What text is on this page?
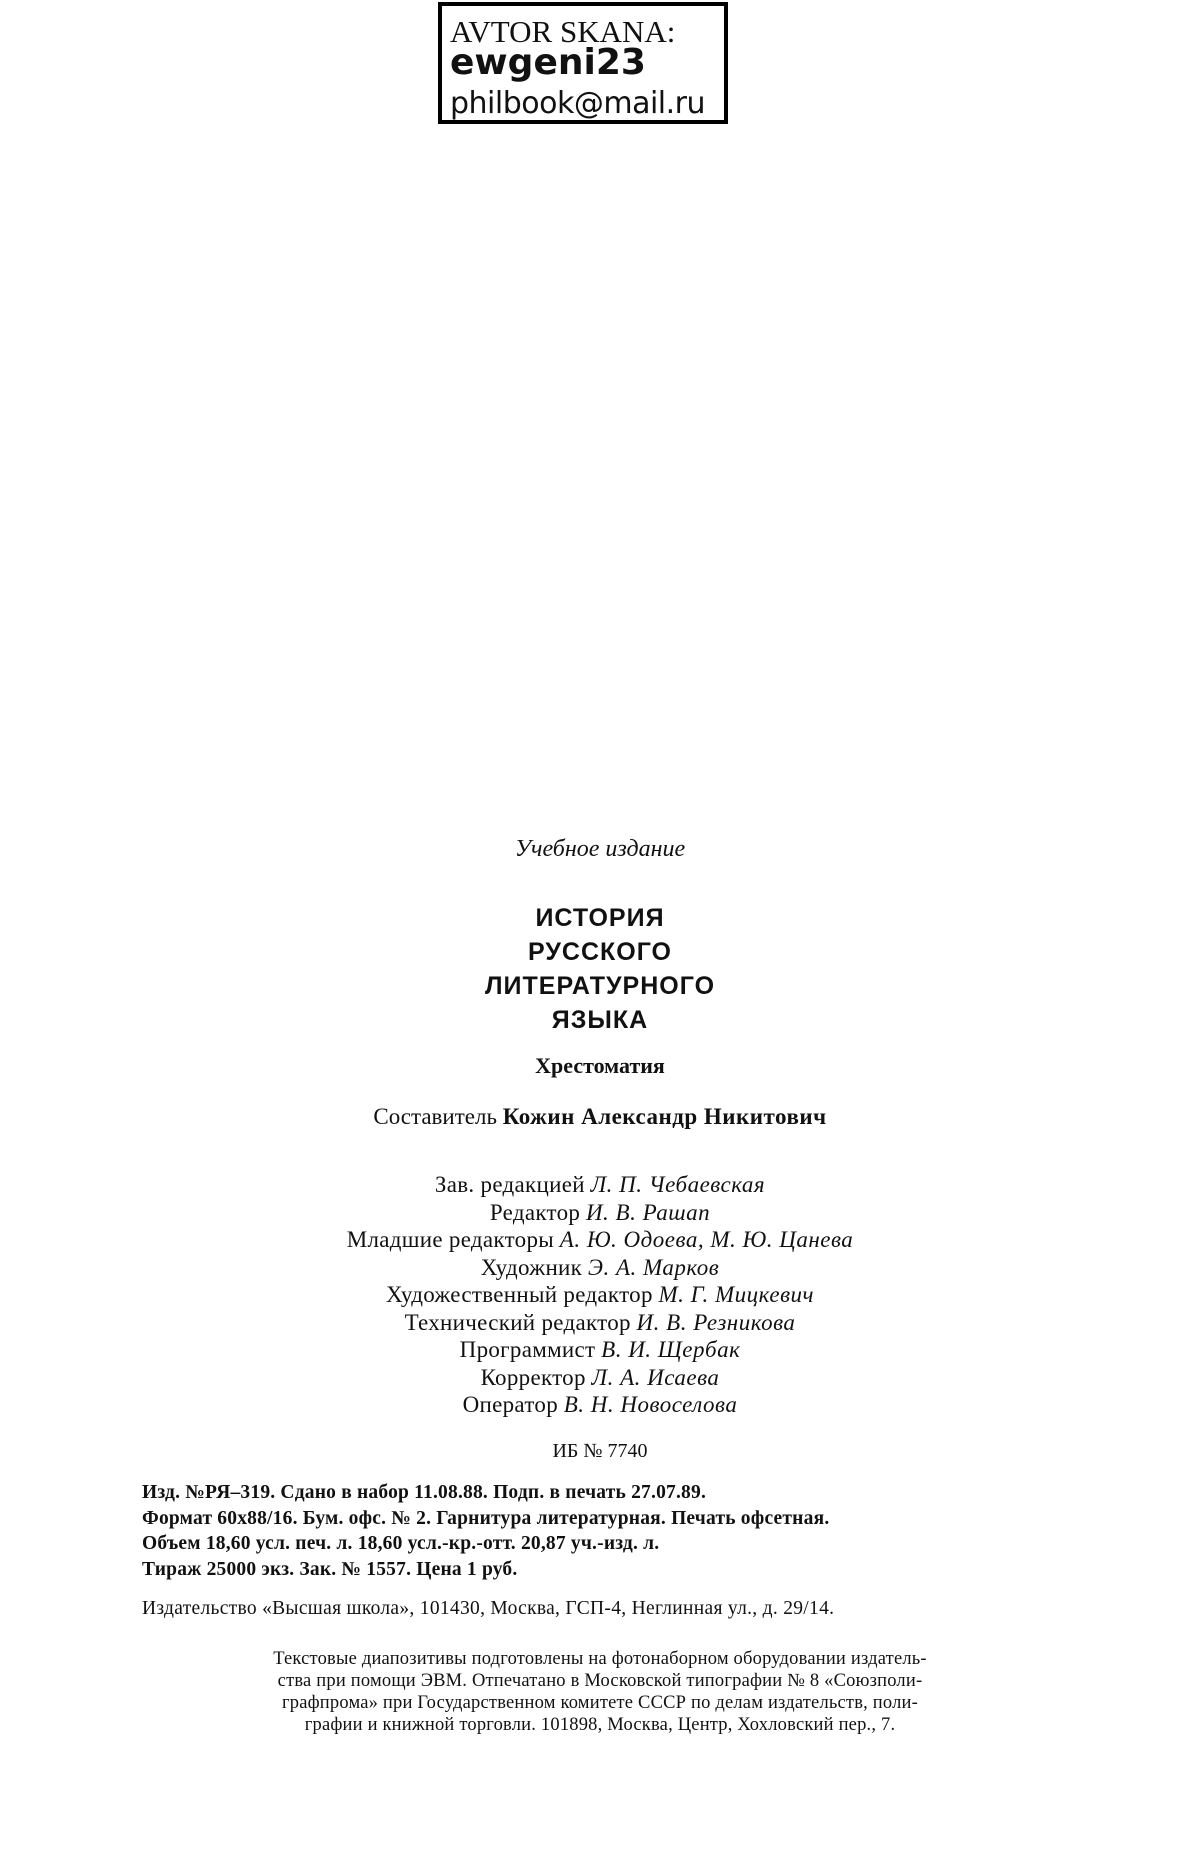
AVTOR SKANA:
ewgeni23
philbook@mail.ru
Учебное издание
ИСТОРИЯ
РУССКОГО
ЛИТЕРАТУРНОГО
ЯЗЫКА
Хрестоматия
Составитель Кожин Александр Никитович
Зав. редакцией Л. П. Чебаевская
Редактор И. В. Рашап
Младшие редакторы А. Ю. Одоева, М. Ю. Цанева
Художник Э. А. Марков
Художественный редактор М. Г. Мицкевич
Технический редактор И. В. Резникова
Программист В. И. Щербак
Корректор Л. А. Исаева
Оператор В. Н. Новоселова
ИБ № 7740
Изд. №РЯ–319. Сдано в набор 11.08.88. Подп. в печать 27.07.89.
Формат 60x88/16. Бум. офс. № 2. Гарнитура литературная. Печать офсетная.
Объем 18,60 усл. печ. л. 18,60 усл.-кр.-отт. 20,87 уч.-изд. л.
Тираж 25000 экз. Зак. № 1557. Цена 1 руб.
Издательство «Высшая школа», 101430, Москва, ГСП-4, Неглинная ул., д. 29/14.
Текстовые диапозитивы подготовлены на фотонаборном оборудовании издатель-
ства при помощи ЭВМ. Отпечатано в Московской типографии № 8 «Союзполи-
графпрома» при Государственном комитете СССР по делам издательств, поли-
графии и книжной торговли. 101898, Москва, Центр, Хохловский пер., 7.
